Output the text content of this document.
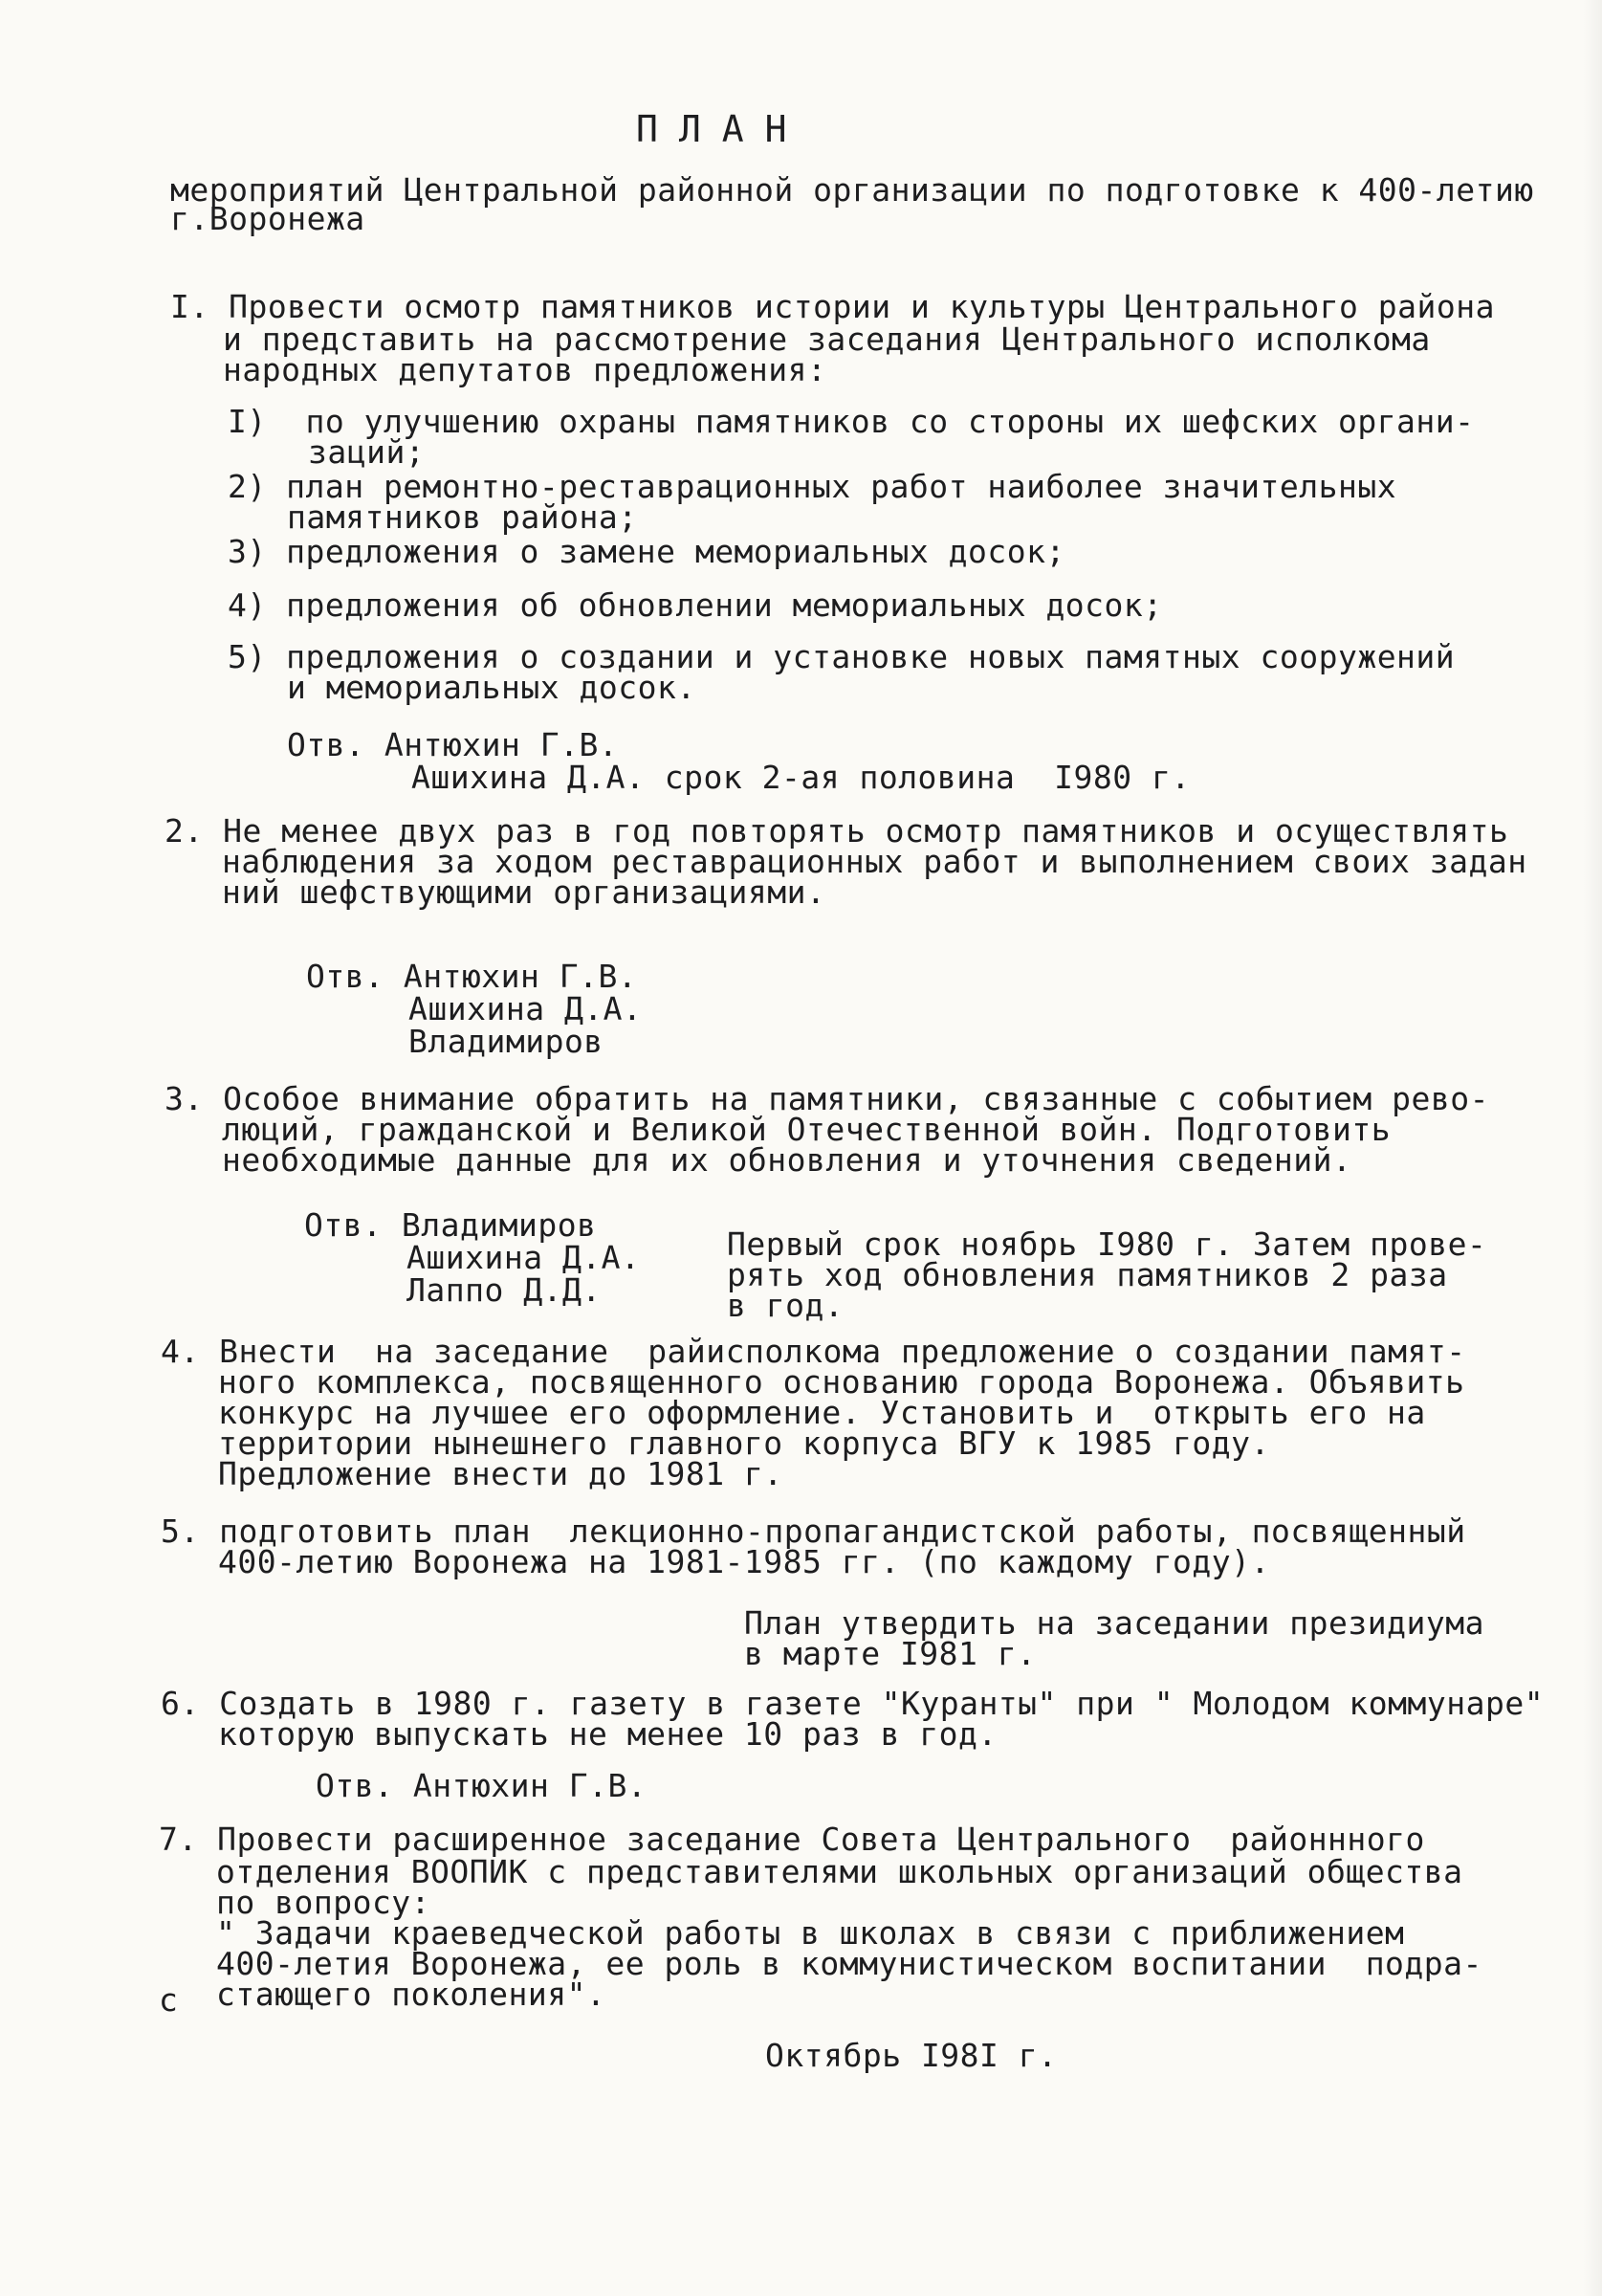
ПЛАН
мероприятий Центральной районной организации по подготовке к 400-летию
г.Воронежа
I. Провести осмотр памятников истории и культуры Центрального района
и представить на рассмотрение заседания Центрального исполкома
народных депутатов предложения:
I)  по улучшению охраны памятников со стороны их шефских органи-
заций;
2) план ремонтно-реставрационных работ наиболее значительных
памятников района;
3) предложения о замене мемориальных досок;
4) предложения об обновлении мемориальных досок;
5) предложения о создании и установке новых памятных сооружений
и мемориальных досок.
Отв. Антюхин Г.В.
Ашихина Д.А. срок 2-ая половина  I980 г.
2. Не менее двух раз в год повторять осмотр памятников и осуществлять
наблюдения за ходом реставрационных работ и выполнением своих задан
ний шефствующими организациями.
Отв. Антюхин Г.В.
Ашихина Д.А.
Владимиров
3. Особое внимание обратить на памятники, связанные с событием рево-
люций, гражданской и Великой Отечественной войн. Подготовить
необходимые данные для их обновления и уточнения сведений.
Отв. Владимиров
Ашихина Д.А.
Лаппо Д.Д.
Первый срок ноябрь I980 г. Затем прове-
рять ход обновления памятников 2 раза
в год.
4. Внести  на заседание  райисполкома предложение о создании памят-
ного комплекса, посвященного основанию города Воронежа. Объявить
конкурс на лучшее его оформление. Установить и  открыть его на
территории нынешнего главного корпуса ВГУ к 1985 году.
Предложение внести до 1981 г.
5. подготовить план  лекционно-пропагандистской работы, посвященный
400-летию Воронежа на 1981-1985 гг. (по каждому году).
План утвердить на заседании президиума
в марте I981 г.
6. Создать в 1980 г. газету в газете "Куранты" при " Молодом коммунаре"
которую выпускать не менее 10 раз в год.
Отв. Антюхин Г.В.
7. Провести расширенное заседание Совета Центрального  районнного
отделения ВООПИК с представителями школьных организаций общества
по вопросу:
" Задачи краеведческой работы в школах в связи с приближением
400-летия Воронежа, ее роль в коммунистическом воспитании  подра-
стающего поколения".
с
Октябрь I98I г.
